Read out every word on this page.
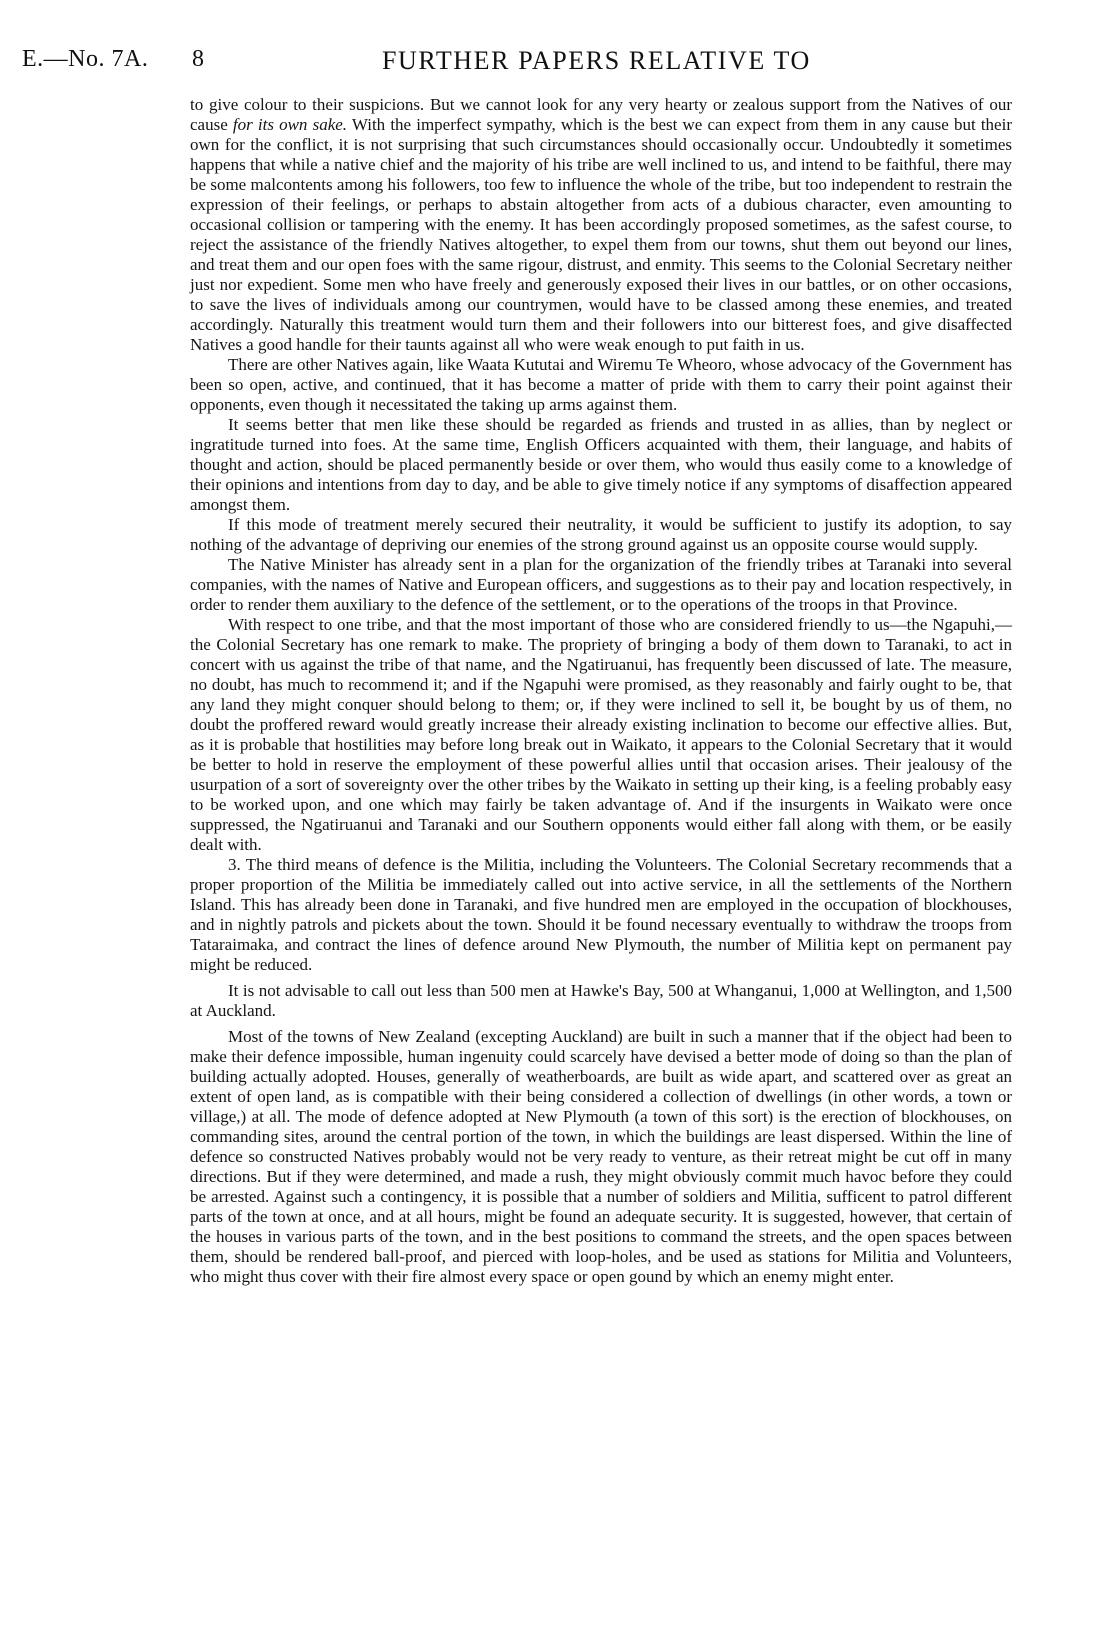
E.—No. 7A. 8	FURTHER PAPERS RELATIVE TO

to give colour to their suspicions. But we cannot look for any very hearty or zealous support from the Natives of our cause for its own sake. With the imperfect sympathy, which is the best we can expect from them in any cause but their own for the conflict, it is not surprising that such circumstances should occasionally occur. Undoubtedly it sometimes happens that while a native chief and the majority of his tribe are well inclined to us, and intend to be faithful, there may be some malcontents among his followers, too few to influence the whole of the tribe, but too independent to restrain the expression of their feelings, or perhaps to abstain altogether from acts of a dubious character, even amounting to occasional collision or tampering with the enemy. It has been accordingly proposed sometimes, as the safest course, to reject the assistance of the friendly Natives altogether, to expel them from our towns, shut them out beyond our lines, and treat them and our open foes with the same rigour, distrust, and enmity. This seems to the Colonial Secretary neither just nor expedient. Some men who have freely and generously exposed their lives in our battles, or on other occasions, to save the lives of individuals among our countrymen, would have to be classed among these enemies, and treated accordingly. Naturally this treatment would turn them and their followers into our bitterest foes, and give disaffected Natives a good handle for their taunts against all who were weak enough to put faith in us.

There are other Natives again, like Waata Kututai and Wiremu Te Wheoro, whose advocacy of the Government has been so open, active, and continued, that it has become a matter of pride with them to carry their point against their opponents, even though it necessitated the taking up arms against them.

It seems better that men like these should be regarded as friends and trusted in as allies, than by neglect or ingratitude turned into foes. At the same time, English Officers acquainted with them, their language, and habits of thought and action, should be placed permanently beside or over them, who would thus easily come to a knowledge of their opinions and intentions from day to day, and be able to give timely notice if any symptoms of disaffection appeared amongst them.

If this mode of treatment merely secured their neutrality, it would be sufficient to justify its adoption, to say nothing of the advantage of depriving our enemies of the strong ground against us an opposite course would supply.

The Native Minister has already sent in a plan for the organization of the friendly tribes at Taranaki into several companies, with the names of Native and European officers, and suggestions as to their pay and location respectively, in order to render them auxiliary to the defence of the settlement, or to the operations of the troops in that Province.

With respect to one tribe, and that the most important of those who are considered friendly to us—the Ngapuhi,—the Colonial Secretary has one remark to make. The propriety of bringing a body of them down to Taranaki, to act in concert with us against the tribe of that name, and the Ngatiruanui, has frequently been discussed of late. The measure, no doubt, has much to recommend it; and if the Ngapuhi were promised, as they reasonably and fairly ought to be, that any land they might conquer should belong to them; or, if they were inclined to sell it, be bought by us of them, no doubt the proffered reward would greatly increase their already existing inclination to become our effective allies. But, as it is probable that hostilities may before long break out in Waikato, it appears to the Colonial Secretary that it would be better to hold in reserve the employment of these powerful allies until that occasion arises. Their jealousy of the usurpation of a sort of sovereignty over the other tribes by the Waikato in setting up their king, is a feeling probably easy to be worked upon, and one which may fairly be taken advantage of. And if the insurgents in Waikato were once suppressed, the Ngatiruanui and Taranaki and our Southern opponents would either fall along with them, or be easily dealt with.

3. The third means of defence is the Militia, including the Volunteers. The Colonial Secretary recommends that a proper proportion of the Militia be immediately called out into active service, in all the settlements of the Northern Island. This has already been done in Taranaki, and five hundred men are employed in the occupation of blockhouses, and in nightly patrols and pickets about the town. Should it be found necessary eventually to withdraw the troops from Tataraimaka, and contract the lines of defence around New Plymouth, the number of Militia kept on permanent pay might be reduced.

It is not advisable to call out less than 500 men at Hawke's Bay, 500 at Whanganui, 1,000 at Wellington, and 1,500 at Auckland.

Most of the towns of New Zealand (excepting Auckland) are built in such a manner that if the object had been to make their defence impossible, human ingenuity could scarcely have devised a better mode of doing so than the plan of building actually adopted. Houses, generally of weatherboards, are built as wide apart, and scattered over as great an extent of open land, as is compatible with their being considered a collection of dwellings (in other words, a town or village,) at all. The mode of defence adopted at New Plymouth (a town of this sort) is the erection of blockhouses, on commanding sites, around the central portion of the town, in which the buildings are least dispersed. Within the line of defence so constructed Natives probably would not be very ready to venture, as their retreat might be cut off in many directions. But if they were determined, and made a rush, they might obviously commit much havoc before they could be arrested. Against such a contingency, it is possible that a number of soldiers and Militia, sufficent to patrol different parts of the town at once, and at all hours, might be found an adequate security. It is suggested, however, that certain of the houses in various parts of the town, and in the best positions to command the streets, and the open spaces between them, should be rendered ball-proof, and pierced with loop-holes, and be used as stations for Militia and Volunteers, who might thus cover with their fire almost every space or open gound by which an enemy might enter.
